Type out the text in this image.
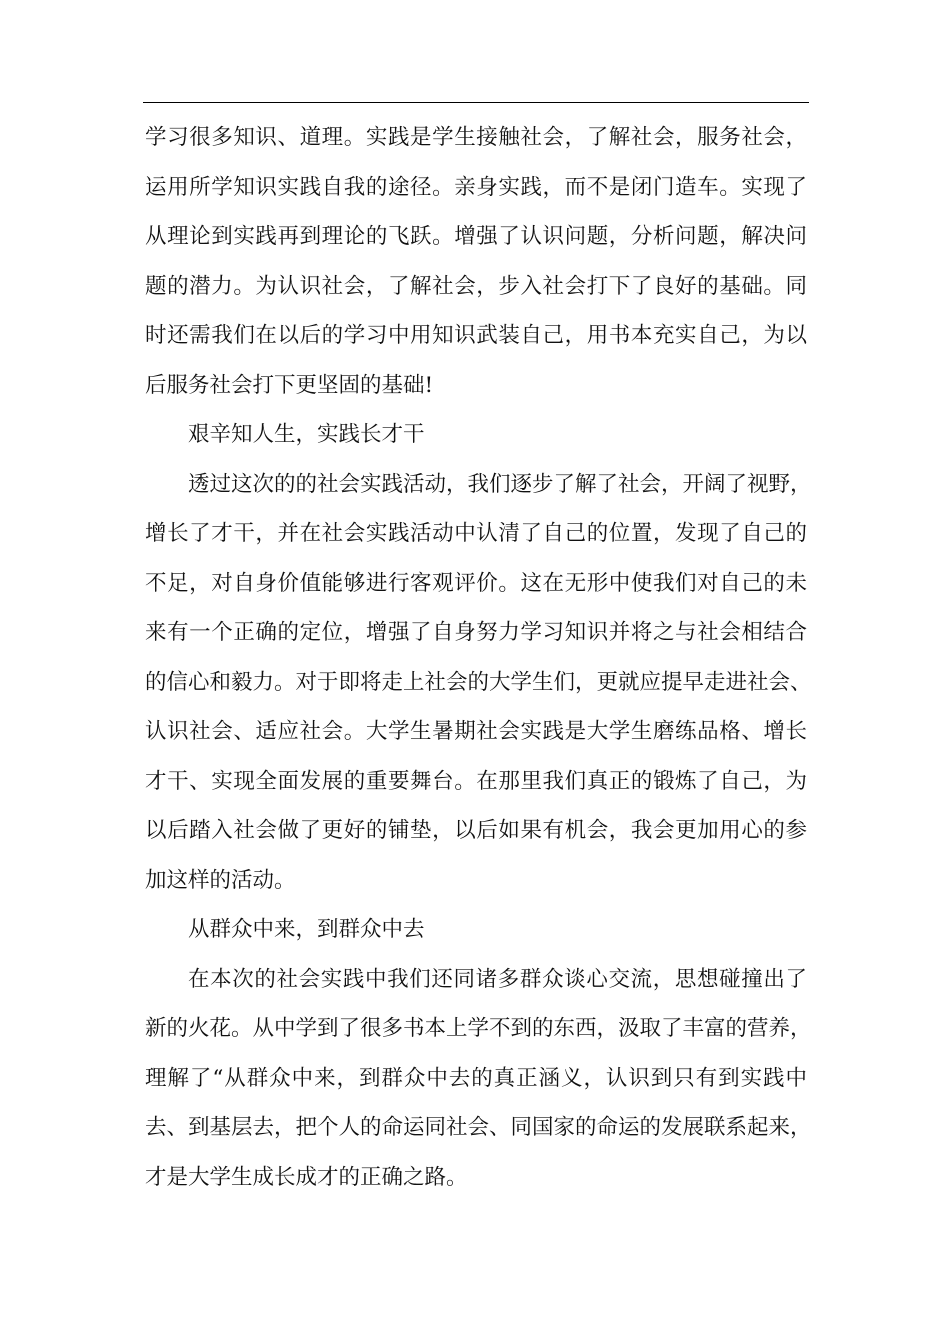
学习很多知识、道理。实践是学生接触社会，了解社会，服务社会，
运用所学知识实践自我的途径。亲身实践，而不是闭门造车。实现了
从理论到实践再到理论的飞跃。增强了认识问题，分析问题，解决问
题的潜力。为认识社会，了解社会，步入社会打下了良好的基础。同
时还需我们在以后的学习中用知识武装自己，用书本充实自己，为以
后服务社会打下更坚固的基础!
艰辛知人生，实践长才干
透过这次的的社会实践活动，我们逐步了解了社会，开阔了视野，
增长了才干，并在社会实践活动中认清了自己的位置，发现了自己的
不足，对自身价值能够进行客观评价。这在无形中使我们对自己的未
来有一个正确的定位，增强了自身努力学习知识并将之与社会相结合
的信心和毅力。对于即将走上社会的大学生们，更就应提早走进社会、
认识社会、适应社会。大学生暑期社会实践是大学生磨练品格、增长
才干、实现全面发展的重要舞台。在那里我们真正的锻炼了自己，为
以后踏入社会做了更好的铺垫，以后如果有机会，我会更加用心的参
加这样的活动。
从群众中来，到群众中去
在本次的社会实践中我们还同诸多群众谈心交流，思想碰撞出了
新的火花。从中学到了很多书本上学不到的东西，汲取了丰富的营养，
理解了“从群众中来，到群众中去的真正涵义，认识到只有到实践中
去、到基层去，把个人的命运同社会、同国家的命运的发展联系起来，
才是大学生成长成才的正确之路。
